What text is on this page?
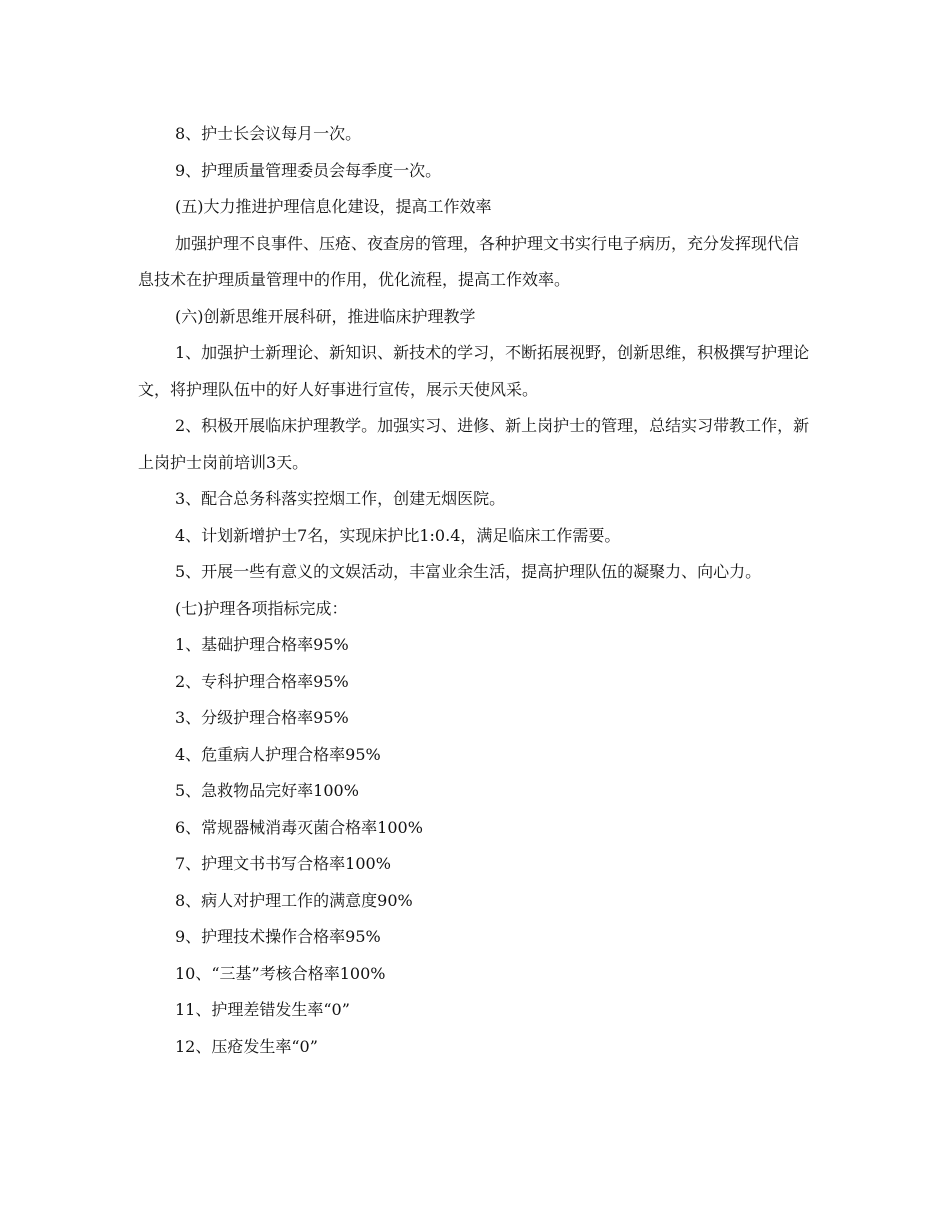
8、护士长会议每月一次。

9、护理质量管理委员会每季度一次。

(五)大力推进护理信息化建设，提高工作效率

加强护理不良事件、压疮、夜查房的管理，各种护理文书实行电子病历，充分发挥现代信息技术在护理质量管理中的作用，优化流程，提高工作效率。

(六)创新思维开展科研，推进临床护理教学

1、加强护士新理论、新知识、新技术的学习，不断拓展视野，创新思维，积极撰写护理论文，将护理队伍中的好人好事进行宣传，展示天使风采。

2、积极开展临床护理教学。加强实习、进修、新上岗护士的管理，总结实习带教工作，新上岗护士岗前培训3天。

3、配合总务科落实控烟工作，创建无烟医院。

4、计划新增护士7名，实现床护比1:0.4，满足临床工作需要。

5、开展一些有意义的文娱活动，丰富业余生活，提高护理队伍的凝聚力、向心力。

(七)护理各项指标完成：

1、基础护理合格率95%

2、专科护理合格率95%

3、分级护理合格率95%

4、危重病人护理合格率95%

5、急救物品完好率100%

6、常规器械消毒灭菌合格率100%

7、护理文书书写合格率100%

8、病人对护理工作的满意度90%

9、护理技术操作合格率95%

10、“三基”考核合格率100%

11、护理差错发生率“0”

12、压疮发生率“0”
